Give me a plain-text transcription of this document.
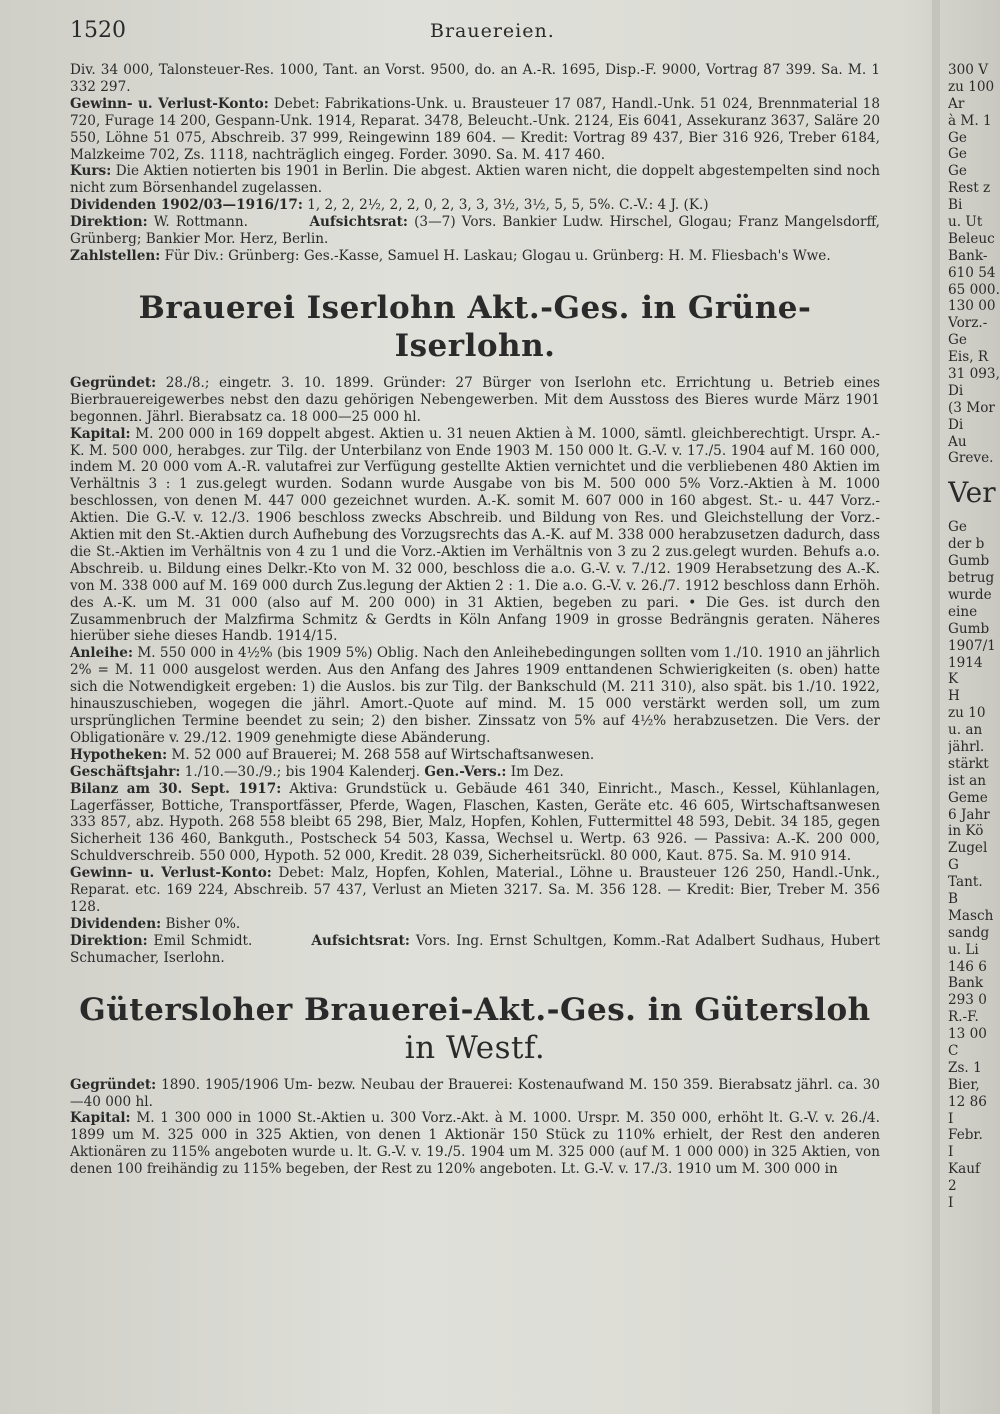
1520	Brauereien.

Div. 34 000, Talonsteuer-Res. 1000, Tant. an Vorst. 9500, do. an A.-R. 1695, Disp.-F. 9000, Vortrag 87 399. Sa. M. 1 332 297.

Gewinn- u. Verlust-Konto: Debet: Fabrikations-Unk. u. Brausteuer 17 087, Handl.-Unk. 51 024, Brennmaterial 18 720, Furage 14 200, Gespann-Unk. 1914, Reparat. 3478, Beleucht.-Unk. 2124, Eis 6041, Assekuranz 3637, Saläre 20 550, Löhne 51 075, Abschreib. 37 999, Reingewinn 189 604. — Kredit: Vortrag 89 437, Bier 316 926, Treber 6184, Malzkeime 702, Zs. 1118, nachträglich eingeg. Forder. 3090. Sa. M. 417 460.

Kurs: Die Aktien notierten bis 1901 in Berlin. Die abgest. Aktien waren nicht, die doppelt abgestempelten sind noch nicht zum Börsenhandel zugelassen.

Dividenden 1902/03—1916/17: 1, 2, 2, 2½, 2, 2, 0, 2, 3, 3, 3½, 3½, 5, 5, 5%. C.-V.: 4 J. (K.)

Direktion: W. Rottmann.	Aufsichtsrat: (3—7) Vors. Bankier Ludw. Hirschel, Glogau; Franz Mangelsdorff, Grünberg; Bankier Mor. Herz, Berlin.

Zahlstellen: Für Div.: Grünberg: Ges.-Kasse, Samuel H. Laskau; Glogau u. Grünberg: H. M. Fliesbach's Wwe.

Brauerei Iserlohn Akt.-Ges. in Grüne-Iserlohn.

Gegründet: 28./8.; eingetr. 3. 10. 1899. Gründer: 27 Bürger von Iserlohn etc. Errichtung u. Betrieb eines Bierbrauereigewerbes nebst den dazu gehörigen Nebengewerben. Mit dem Ausstoss des Bieres wurde März 1901 begonnen. Jährl. Bierabsatz ca. 18 000—25 000 hl.

Kapital: M. 200 000 in 169 doppelt abgest. Aktien u. 31 neuen Aktien à M. 1000, sämtl. gleichberechtigt. Urspr. A.-K. M. 500 000, herabges. zur Tilg. der Unterbilanz von Ende 1903 M. 150 000 lt. G.-V. v. 17./5. 1904 auf M. 160 000, indem M. 20 000 vom A.-R. valutafrei zur Verfügung gestellte Aktien vernichtet und die verbliebenen 480 Aktien im Verhältnis 3 : 1 zus.gelegt wurden. Sodann wurde Ausgabe von bis M. 500 000 5% Vorz.-Aktien à M. 1000 beschlossen, von denen M. 447 000 gezeichnet wurden. A.-K. somit M. 607 000 in 160 abgest. St.- u. 447 Vorz.-Aktien. Die G.-V. v. 12./3. 1906 beschloss zwecks Abschreib. und Bildung von Res. und Gleichstellung der Vorz.-Aktien mit den St.-Aktien durch Aufhebung des Vorzugsrechts das A.-K. auf M. 338 000 herabzusetzen dadurch, dass die St.-Aktien im Verhältnis von 4 zu 1 und die Vorz.-Aktien im Verhältnis von 3 zu 2 zus.gelegt wurden. Behufs a.o. Abschreib. u. Bildung eines Delkr.-Kto von M. 32 000, beschloss die a.o. G.-V. v. 7./12. 1909 Herabsetzung des A.-K. von M. 338 000 auf M. 169 000 durch Zus.legung der Aktien 2 : 1. Die a.o. G.-V. v. 26./7. 1912 beschloss dann Erhöh. des A.-K. um M. 31 000 (also auf M. 200 000) in 31 Aktien, begeben zu pari. • Die Ges. ist durch den Zusammenbruch der Malzfirma Schmitz & Gerdts in Köln Anfang 1909 in grosse Bedrängnis geraten. Näheres hierüber siehe dieses Handb. 1914/15.

Anleihe: M. 550 000 in 4½% (bis 1909 5%) Oblig. Nach den Anleihebedingungen sollten vom 1./10. 1910 an jährlich 2% = M. 11 000 ausgelost werden. Aus den Anfang des Jahres 1909 enttandenen Schwierigkeiten (s. oben) hatte sich die Notwendigkeit ergeben: 1) die Auslos. bis zur Tilg. der Bankschuld (M. 211 310), also spät. bis 1./10. 1922, hinauszuschieben, wogegen die jährl. Amort.-Quote auf mind. M. 15 000 verstärkt werden soll, um zum ursprünglichen Termine beendet zu sein; 2) den bisher. Zinssatz von 5% auf 4½% herabzusetzen. Die Vers. der Obligationäre v. 29./12. 1909 genehmigte diese Abänderung.

Hypotheken: M. 52 000 auf Brauerei; M. 268 558 auf Wirtschaftsanwesen.

Geschäftsjahr: 1./10.—30./9.; bis 1904 Kalenderj. Gen.-Vers.: Im Dez.

Bilanz am 30. Sept. 1917: Aktiva: Grundstück u. Gebäude 461 340, Einricht., Masch., Kessel, Kühlanlagen, Lagerfässer, Bottiche, Transportfässer, Pferde, Wagen, Flaschen, Kasten, Geräte etc. 46 605, Wirtschaftsanwesen 333 857, abz. Hypoth. 268 558 bleibt 65 298, Bier, Malz, Hopfen, Kohlen, Futtermittel 48 593, Debit. 34 185, gegen Sicherheit 136 460, Bankguth., Postscheck 54 503, Kassa, Wechsel u. Wertp. 63 926. — Passiva: A.-K. 200 000, Schuldverschreib. 550 000, Hypoth. 52 000, Kredit. 28 039, Sicherheitsrückl. 80 000, Kaut. 875. Sa. M. 910 914.

Gewinn- u. Verlust-Konto: Debet: Malz, Hopfen, Kohlen, Material., Löhne u. Brausteuer 126 250, Handl.-Unk., Reparat. etc. 169 224, Abschreib. 57 437, Verlust an Mieten 3217. Sa. M. 356 128. — Kredit: Bier, Treber M. 356 128.

Dividenden: Bisher 0%.

Direktion: Emil Schmidt.	Aufsichtsrat: Vors. Ing. Ernst Schultgen, Komm.-Rat Adalbert Sudhaus, Hubert Schumacher, Iserlohn.

Gütersloher Brauerei-Akt.-Ges. in Gütersloh in Westf.

Gegründet: 1890. 1905/1906 Um- bezw. Neubau der Brauerei: Kostenaufwand M. 150 359. Bierabsatz jährl. ca. 30—40 000 hl.

Kapital: M. 1 300 000 in 1000 St.-Aktien u. 300 Vorz.-Akt. à M. 1000. Urspr. M. 350 000, erhöht lt. G.-V. v. 26./4. 1899 um M. 325 000 in 325 Aktien, von denen 1 Aktionär 150 Stück zu 110% erhielt, der Rest den anderen Aktionären zu 115% angeboten wurde u. lt. G.-V. v. 19./5. 1904 um M. 325 000 (auf M. 1 000 000) in 325 Aktien, von denen 100 freihändig zu 115% begeben, der Rest zu 120% angeboten. Lt. G.-V. v. 17./3. 1910 um M. 300 000 in

300 V
zu 100
Ar
à M. 1
Ge
Ge
Ge
Rest z
Bi
u. Ut
Beleuc
Bank-
610 54
65 000.
130 00
Vorz.-
Ge
Eis, R
31 093,
Di
(3 Mor
Di
Au
Greve.
Ver
Ge
der b
Gumb
betrug
wurde
eine
Gumb
1907/1
1914
K
H
zu 10
u. an
jährl.
stärkt
ist an
Geme
6 Jahr
in Kö
Zugel
G
Tant.
B
Masch
sandg
u. Li
146 6
Bank
293 0
R.-F.
13 00
C
Zs. 1
Bier,
12 86
I
Febr.
I
Kauf
2
I
